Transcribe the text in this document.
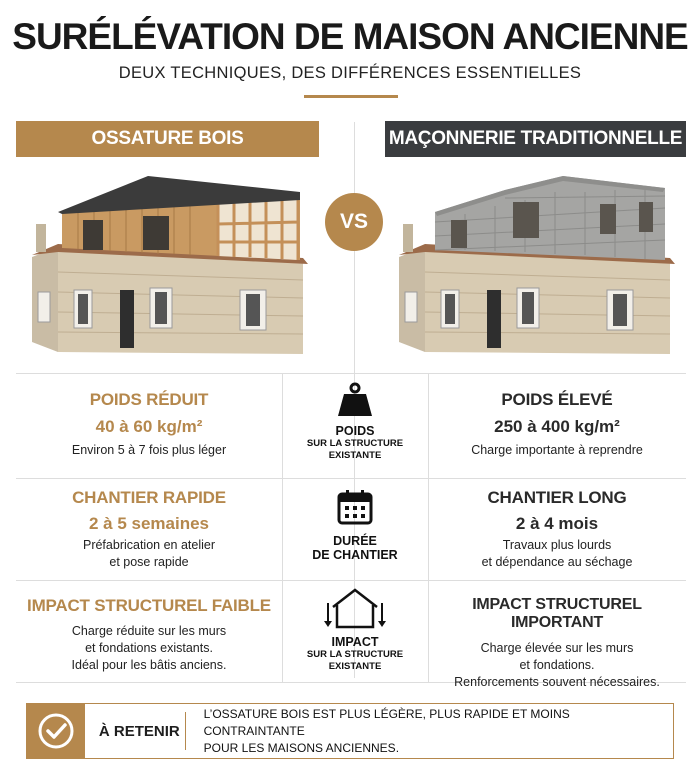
SURÉLÉVATION DE MAISON ANCIENNE
DEUX TECHNIQUES, DES DIFFÉRENCES ESSENTIELLES
OSSATURE BOIS	MAÇONNERIE TRADITIONNELLE
VS
POIDS RÉDUIT
40 à 60 kg/m²
Environ 5 à 7 fois plus léger
POIDS
SUR LA STRUCTURE
EXISTANTE
POIDS ÉLEVÉ
250 à 400 kg/m²
Charge importante à reprendre
CHANTIER RAPIDE
2 à 5 semaines
Préfabrication en atelier
et pose rapide
DURÉE
DE CHANTIER
CHANTIER LONG
2 à 4 mois
Travaux plus lourds
et dépendance au séchage
IMPACT STRUCTUREL FAIBLE
Charge réduite sur les murs
et fondations existants.
Idéal pour les bâtis anciens.
IMPACT
SUR LA STRUCTURE
EXISTANTE
IMPACT STRUCTUREL IMPORTANT
Charge élevée sur les murs
et fondations.
Renforcements souvent nécessaires.
À RETENIR
L’OSSATURE BOIS EST PLUS LÉGÈRE, PLUS RAPIDE ET MOINS CONTRAINTANTE
POUR LES MAISONS ANCIENNES.
